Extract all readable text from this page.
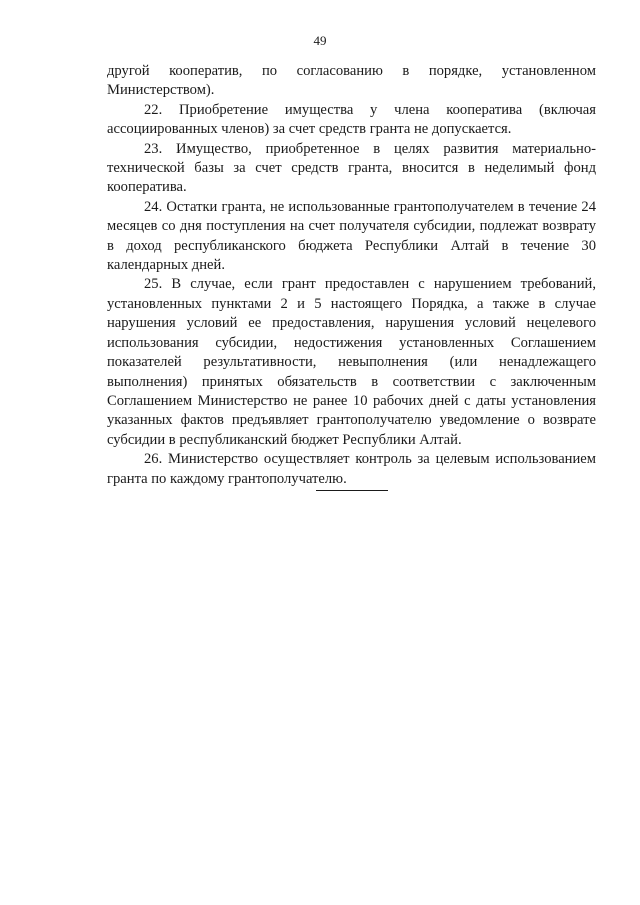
49

другой кооператив, по согласованию в порядке, установленном Министерством).

22. Приобретение имущества у члена кооператива (включая ассоциированных членов) за счет средств гранта не допускается.

23. Имущество, приобретенное в целях развития материально-технической базы за счет средств гранта, вносится в неделимый фонд кооператива.

24. Остатки гранта, не использованные грантополучателем в течение 24 месяцев со дня поступления на счет получателя субсидии, подлежат возврату в доход республиканского бюджета Республики Алтай в течение 30 календарных дней.

25. В случае, если грант предоставлен с нарушением требований, установленных пунктами 2 и 5 настоящего Порядка, а также в случае нарушения условий ее предоставления, нарушения условий нецелевого использования субсидии, недостижения установленных Соглашением показателей результативности, невыполнения (или ненадлежащего выполнения) принятых обязательств в соответствии с заключенным Соглашением Министерство не ранее 10 рабочих дней с даты установления указанных фактов предъявляет грантополучателю уведомление о возврате субсидии в республиканский бюджет Республики Алтай.

26. Министерство осуществляет контроль за целевым использованием гранта по каждому грантополучателю.
